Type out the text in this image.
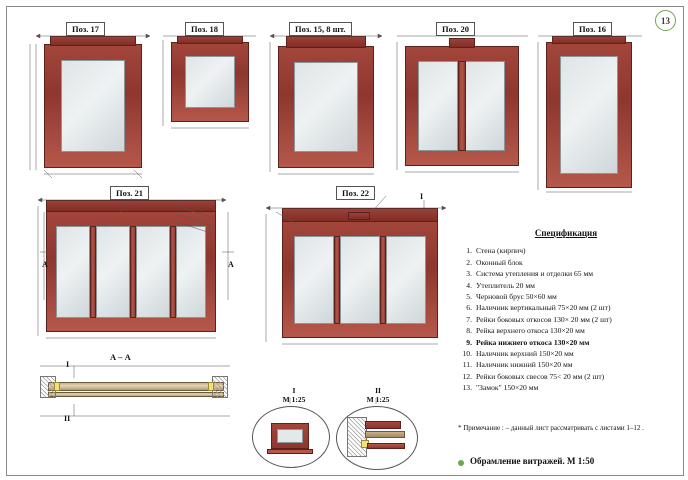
13
Поз. 17	Поз. 18	Поз. 15, 8 шт.	Поз. 20	Поз. 16
Поз. 21
А	А
Поз. 22	I
А – А
I
II
I
М 1:25
II
М 1:25
Спецификация
1. Стена (кирпич)
2. Оконный блок
3. Система утепления и отделки 65 мм
4. Утеплитель 20 мм
5. Черновой брус 50×60 мм
6. Наличник вертикальный 75×20 мм (2 шт)
7. Рейки боковых откосов 130× 20 мм (2 шт)
8. Рейка верхнего откоса 130×20 мм
9. Рейка нижнего откоса 130×20 мм
10. Наличник верхний 150×20 мм
11. Наличник нижний 150×20 мм
12. Рейки боковых свесов 75< 20 мм (2 шт)
13. "Замок" 150×20 мм
* Примечание : – данный лист рассматривать с листами 1–12 .
Обрамление витражей. М 1:50
